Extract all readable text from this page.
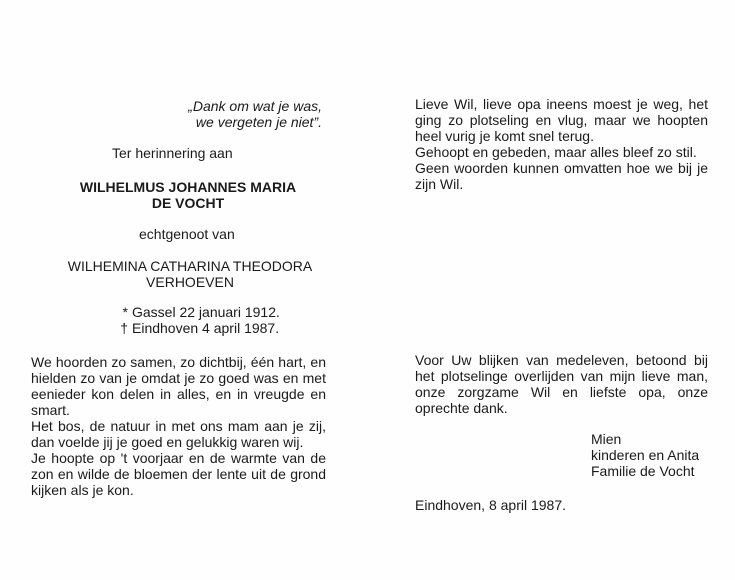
„Dank om wat je was,
we vergeten je niet”.
Ter herinnering aan
WILHELMUS JOHANNES MARIA
DE VOCHT
echtgenoot van
WILHEMINA CATHARINA THEODORA
VERHOEVEN
* Gassel 22 januari 1912.
† Eindhoven 4 april 1987.
We hoorden zo samen, zo dichtbij, één hart, en hielden zo van je omdat je zo goed was en met eenieder kon delen in alles, en in vreugde en smart.
Het bos, de natuur in met ons mam aan je zij, dan voelde jij je goed en gelukkig waren wij.
Je hoopte op 't voorjaar en de warmte van de zon en wilde de bloemen der lente uit de grond kijken als je kon.
Lieve Wil, lieve opa ineens moest je weg, het ging zo plotseling en vlug, maar we hoopten heel vurig je komt snel terug.
Gehoopt en gebeden, maar alles bleef zo stil.
Geen woorden kunnen omvatten hoe we bij je zijn Wil.
Voor Uw blijken van medeleven, betoond bij het plotselinge overlijden van mijn lieve man, onze zorgzame Wil en liefste opa, onze oprechte dank.
Mien
kinderen en Anita
Familie de Vocht
Eindhoven, 8 april 1987.
